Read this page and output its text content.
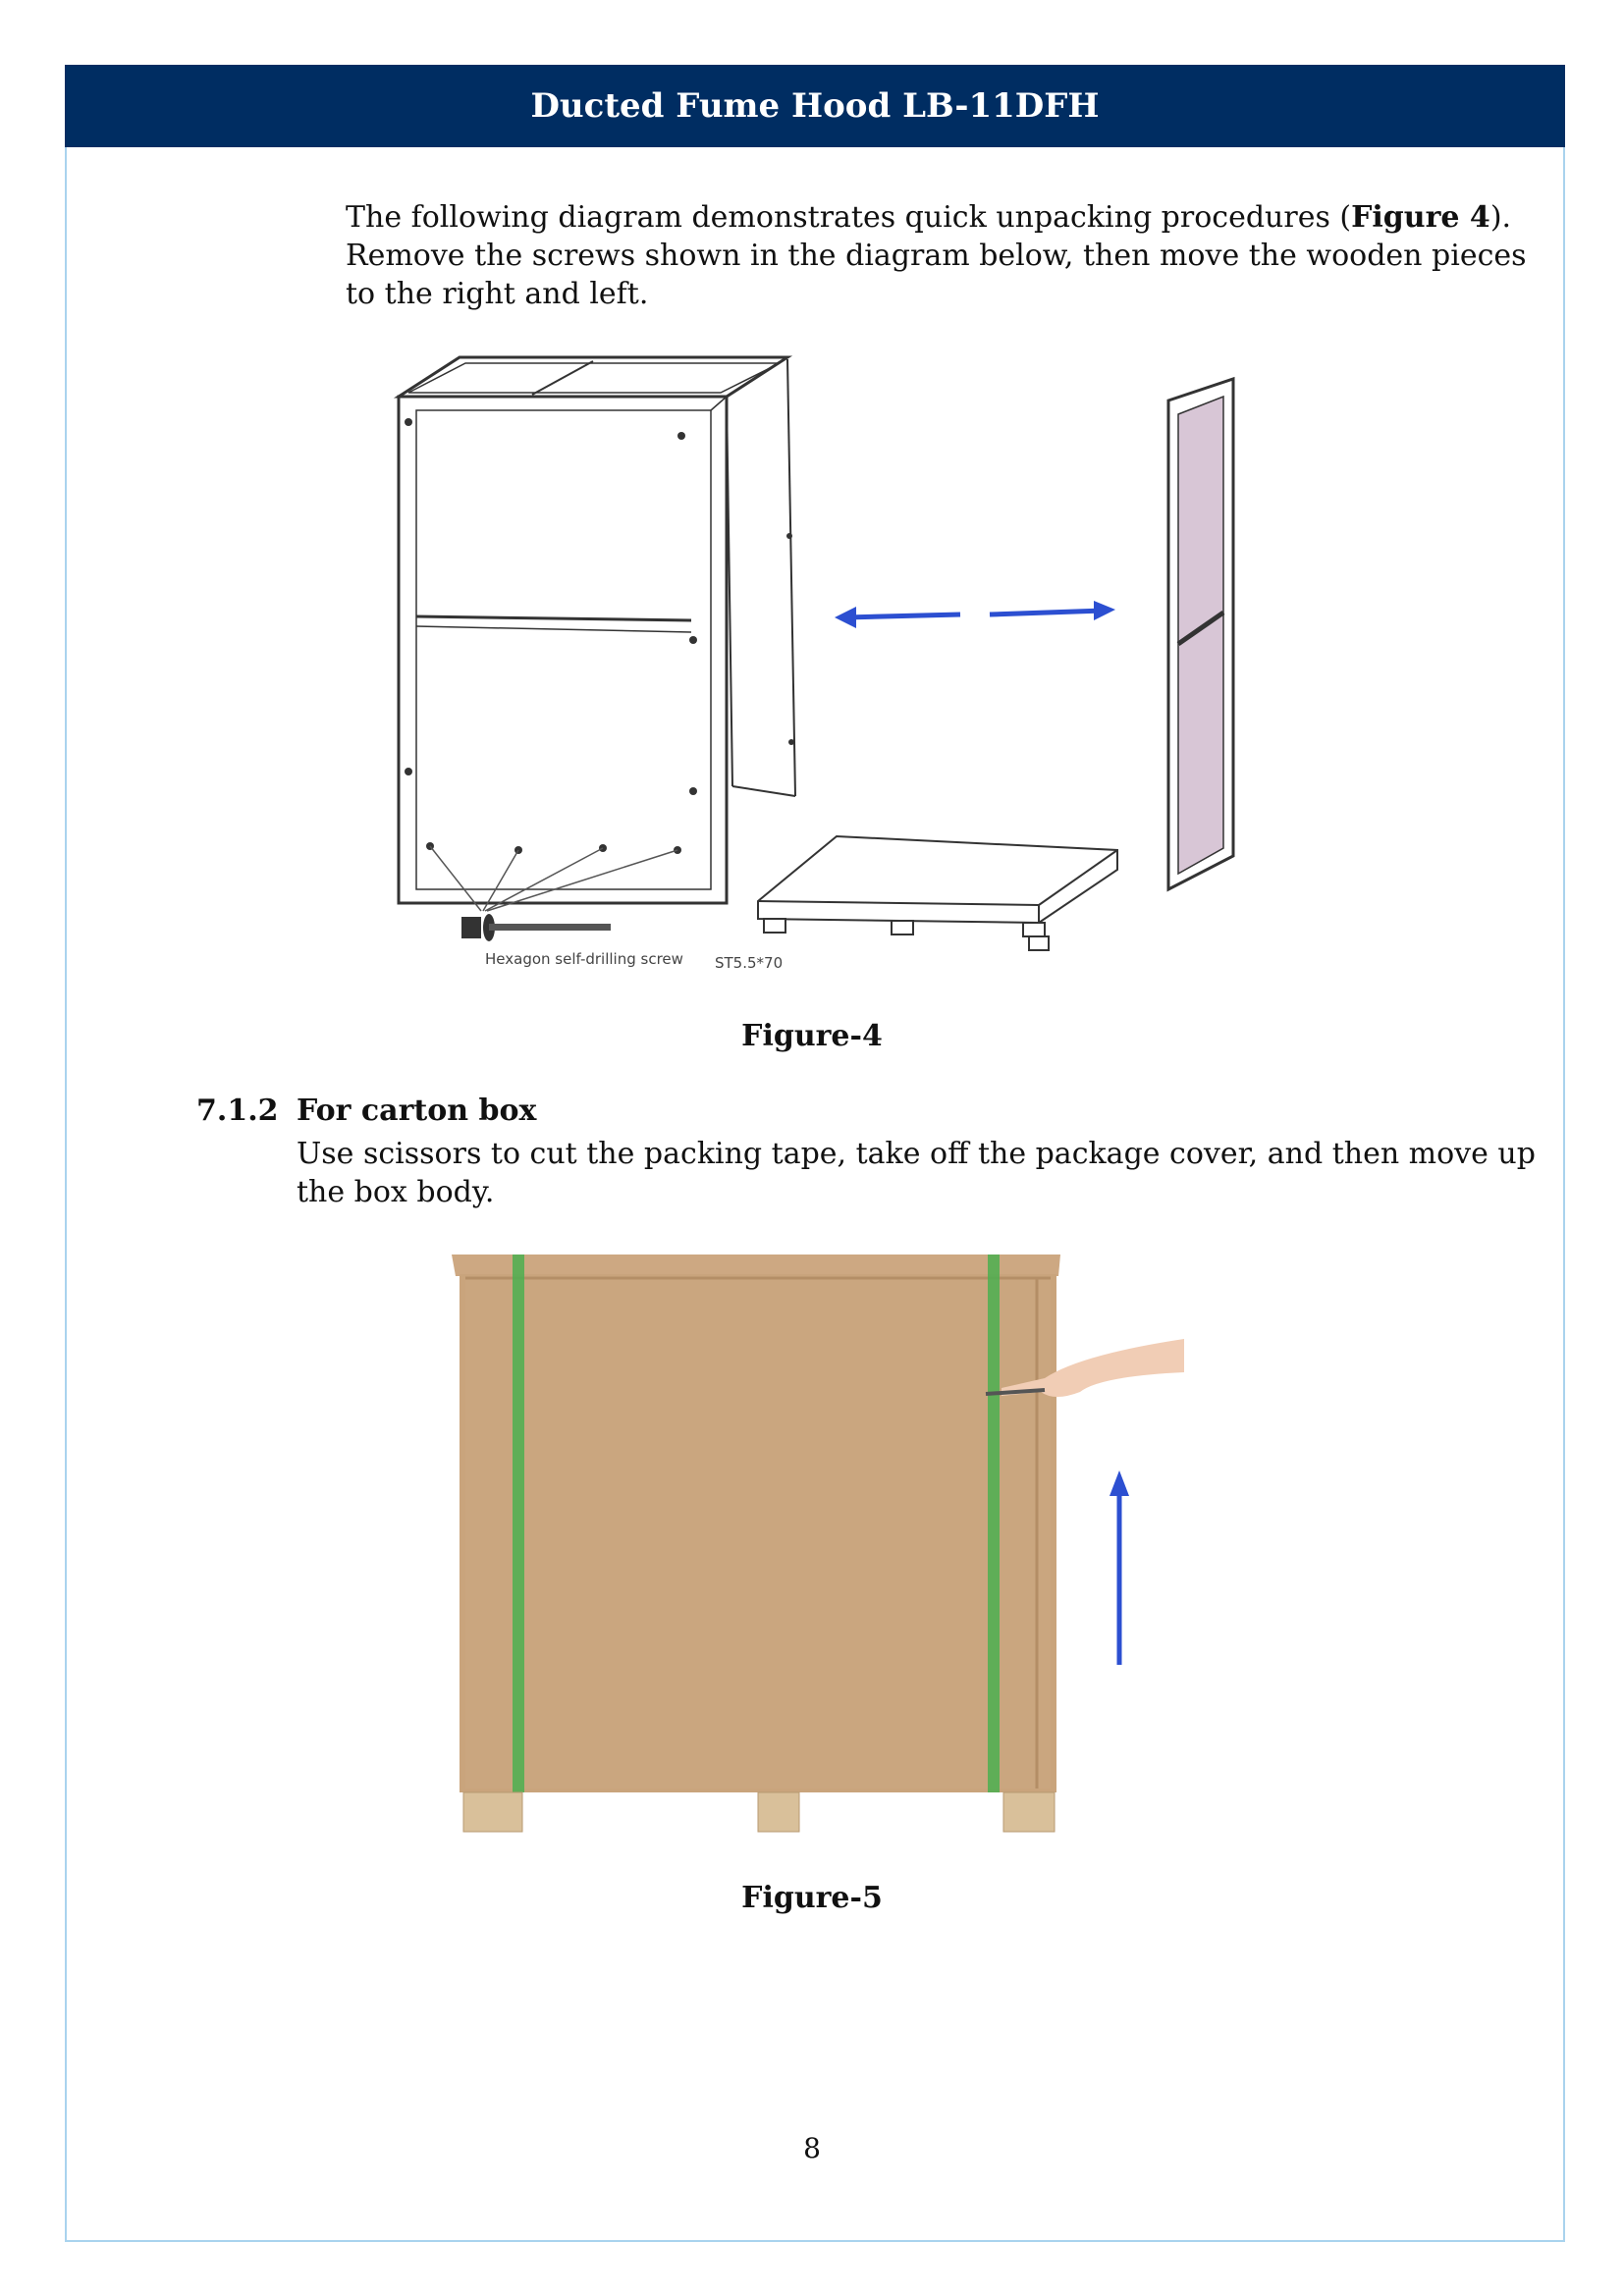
Ducted Fume Hood LB-11DFH
The following diagram demonstrates quick unpacking procedures (Figure 4).
Remove the screws shown in the diagram below, then move the wooden pieces
to the right and left.
Hexagon self-drilling screw ST5.5*70
Figure-4
7.1.2 For carton box
Use scissors to cut the packing tape, take off the package cover, and then move up
the box body.
Figure-5
8
